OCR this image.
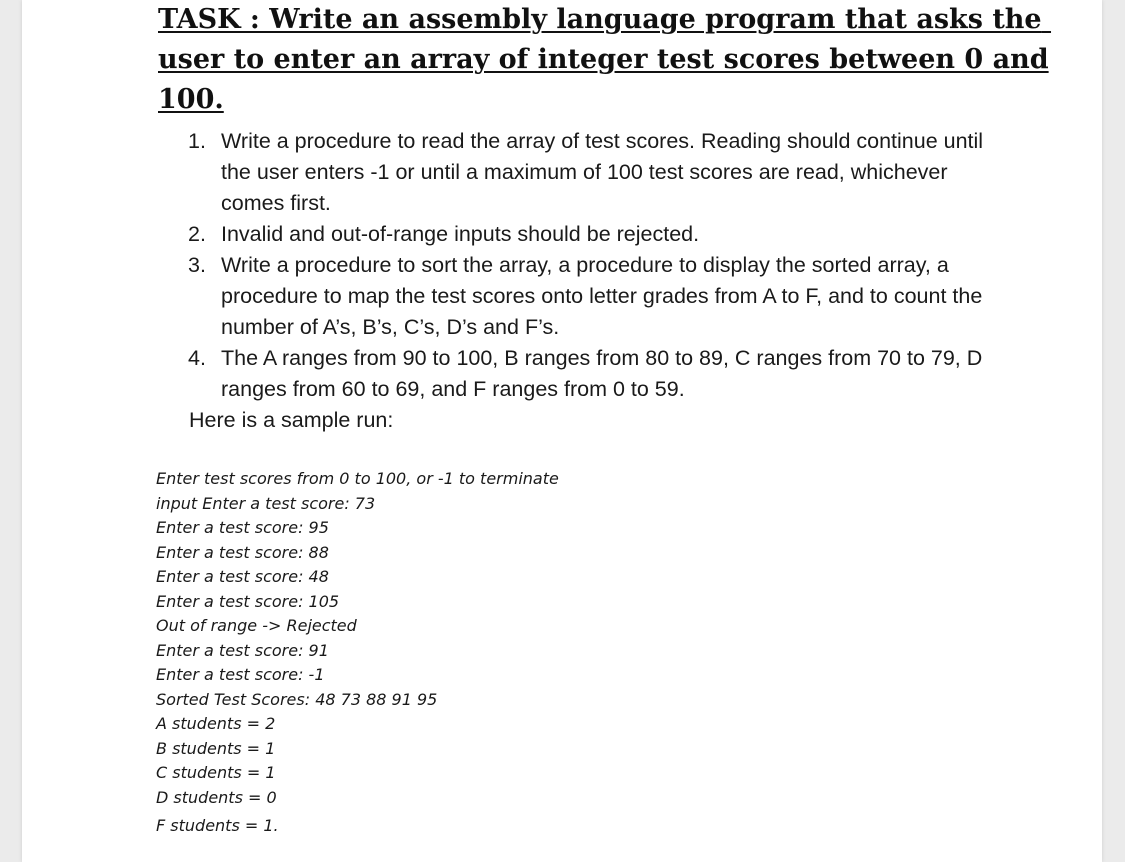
TASK : Write an assembly language program that asks the
user to enter an array of integer test scores between 0 and
100.
1. Write a procedure to read the array of test scores. Reading should continue until the user enters -1 or until a maximum of 100 test scores are read, whichever comes first.
2. Invalid and out-of-range inputs should be rejected.
3. Write a procedure to sort the array, a procedure to display the sorted array, a procedure to map the test scores onto letter grades from A to F, and to count the number of A’s, B’s, C’s, D’s and F’s.
4. The A ranges from 90 to 100, B ranges from 80 to 89, C ranges from 70 to 79, D ranges from 60 to 69, and F ranges from 0 to 59.
Here is a sample run:
Enter test scores from 0 to 100, or -1 to terminate
input Enter a test score: 73
Enter a test score: 95
Enter a test score: 88
Enter a test score: 48
Enter a test score: 105
Out of range -> Rejected
Enter a test score: 91
Enter a test score: -1
Sorted Test Scores: 48 73 88 91 95
A students = 2
B students = 1
C students = 1
D students = 0
F students = 1.
